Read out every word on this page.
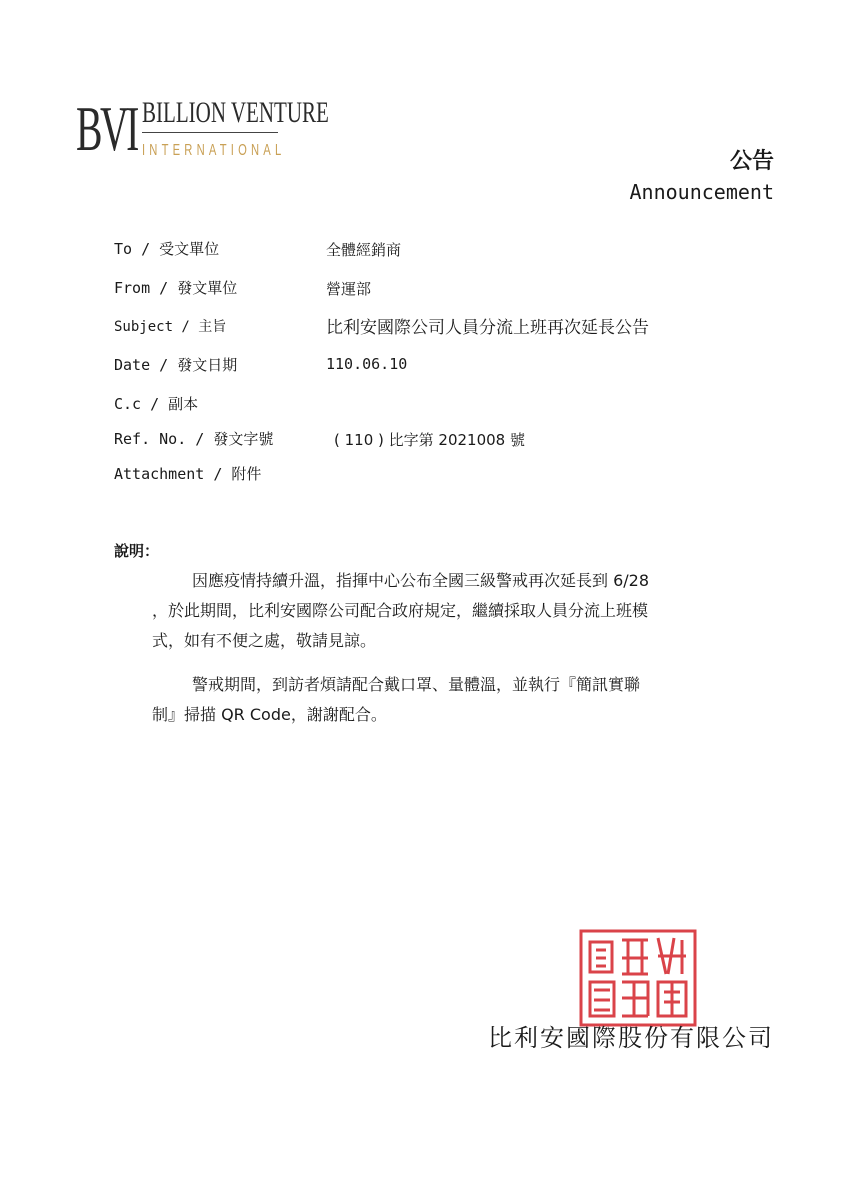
BVI BILLION VENTURE
INTERNATIONAL	公告
Announcement
To / 受文單位	全體經銷商
From / 發文單位	營運部
Subject / 主旨	比利安國際公司人員分流上班再次延長公告
Date / 發文日期	110.06.10
C.c / 副本
Ref. No. / 發文字號	( 110 ) 比字第 2021008 號
Attachment / 附件
說明：
因應疫情持續升溫，指揮中心公布全國三級警戒再次延長到 6/28
，於此期間，比利安國際公司配合政府規定，繼續採取人員分流上班模
式，如有不便之處，敬請見諒。
警戒期間，到訪者煩請配合戴口罩、量體溫，並執行『簡訊實聯
制』掃描 QR Code，謝謝配合。
比利安國際股份有限公司
